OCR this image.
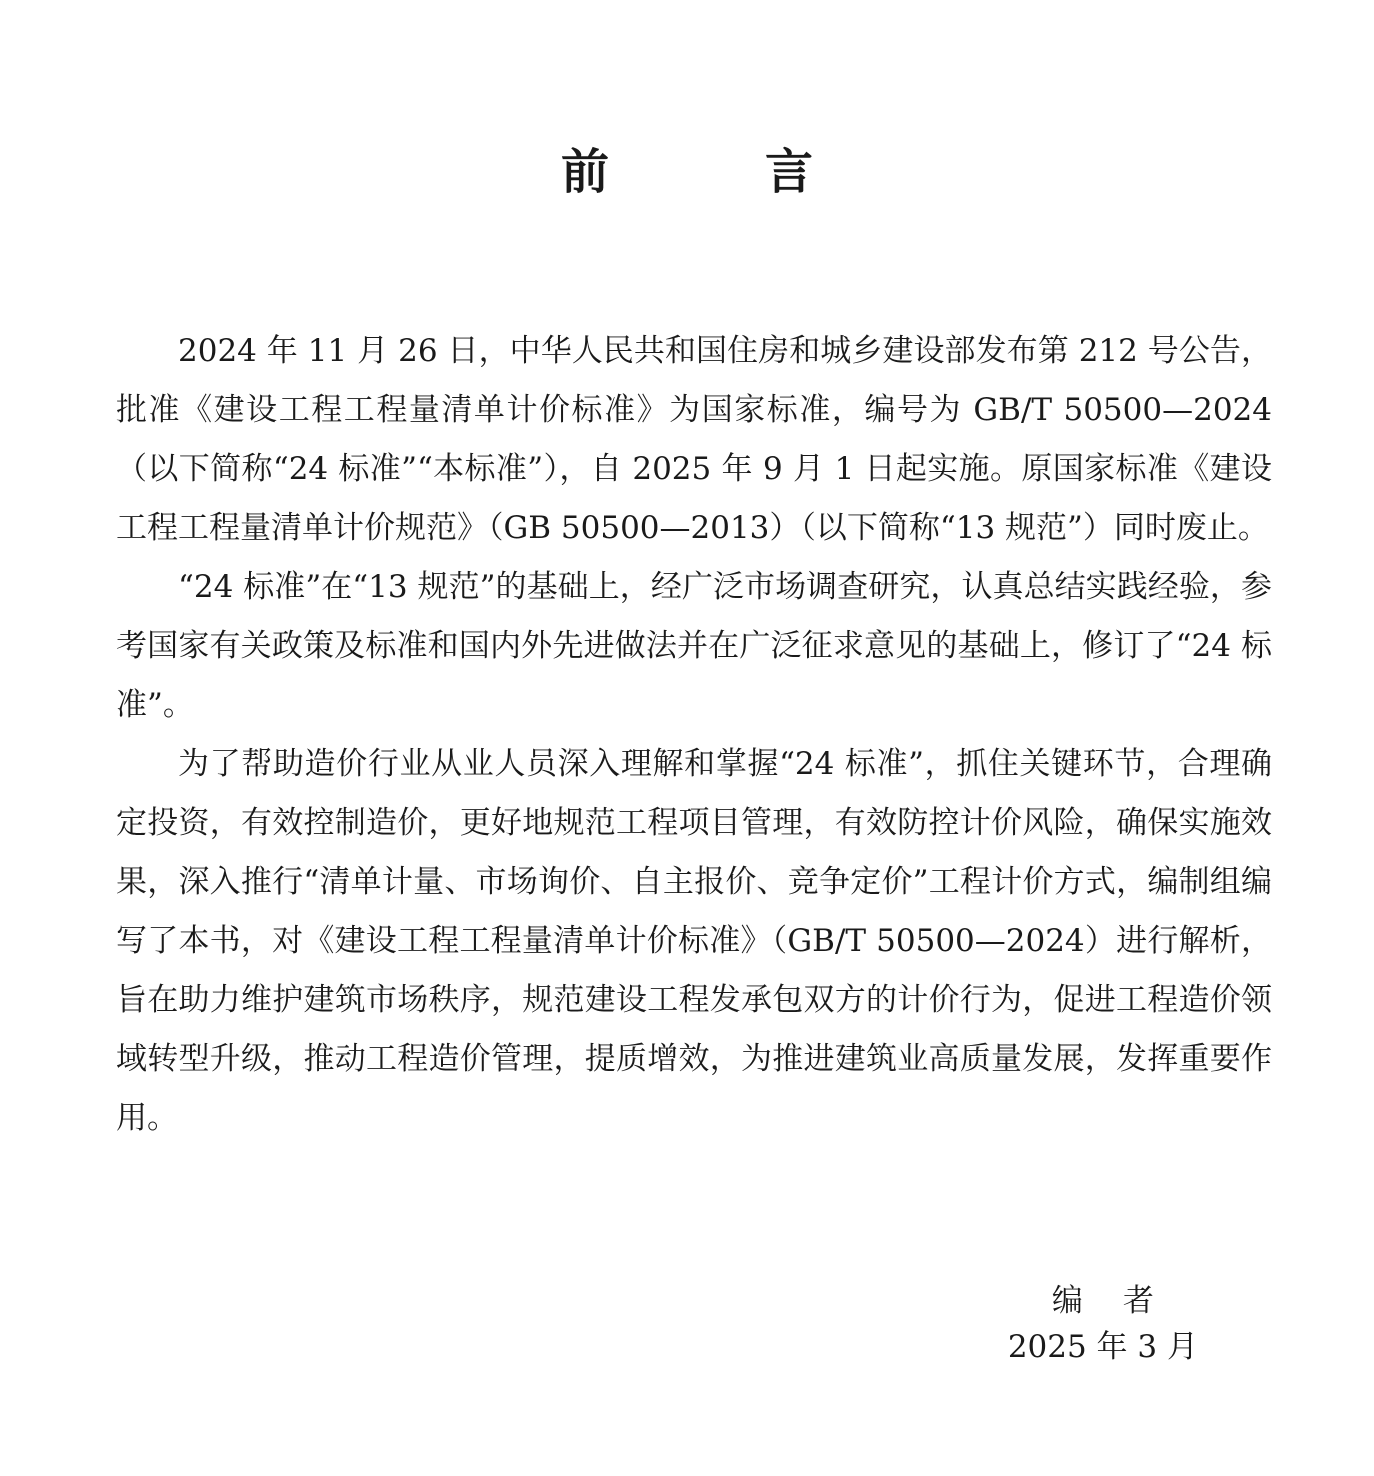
前　言

2024 年 11 月 26 日，中华人民共和国住房和城乡建设部发布第 212 号公告，批准《建设工程工程量清单计价标准》为国家标准，编号为 GB/T 50500—2024（以下简称“24 标准”“本标准”），自 2025 年 9 月 1 日起实施。原国家标准《建设工程工程量清单计价规范》（GB 50500—2013）（以下简称“13 规范”）同时废止。

“24 标准”在“13 规范”的基础上，经广泛市场调查研究，认真总结实践经验，参考国家有关政策及标准和国内外先进做法并在广泛征求意见的基础上，修订了“24 标准”。

为了帮助造价行业从业人员深入理解和掌握“24 标准”，抓住关键环节，合理确定投资，有效控制造价，更好地规范工程项目管理，有效防控计价风险，确保实施效果，深入推行“清单计量、市场询价、自主报价、竞争定价”工程计价方式，编制组编写了本书，对《建设工程工程量清单计价标准》（GB/T 50500—2024）进行解析，旨在助力维护建筑市场秩序，规范建设工程发承包双方的计价行为，促进工程造价领域转型升级，推动工程造价管理，提质增效，为推进建筑业高质量发展，发挥重要作用。

编者
2025 年 3 月
